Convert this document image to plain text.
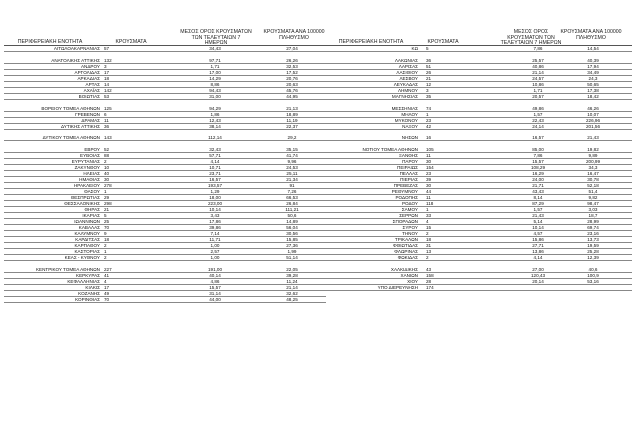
ΠΕΡΙΦΕΡΕΙΑΚΗ ΕΝΟΤΗΤΑ	ΚΡΟΥΣΜΑΤΑ
ΜΕΣΟΣ ΟΡΟΣ ΚΡΟΥΣΜΑΤΩΝ ΤΩΝ ΤΕΛΕΥΤΑΙΩΝ 7 ΗΜΕΡΩΝ
ΚΡΟΥΣΜΑΤΑ ΑΝΑ 100000 ΠΛΗΘΥΣΜΟ
ΠΕΡΙΦΕΡΕΙΑΚΗ ΕΝΟΤΗΤΑ	ΚΡΟΥΣΜΑΤΑ
ΜΕΣΟΣ ΟΡΟΣ ΚΡΟΥΣΜΑΤΩΝ ΤΩΝ ΤΕΛΕΥΤΑΙΩΝ 7 ΗΜΕΡΩΝ
ΚΡΟΥΣΜΑΤΑ ΑΝΑ 100000 ΠΛΗΘΥΣΜΟ
ΑΙΤΩΛΟΑΚΑΡΝΑΝΙΑΣ 57	34,43	27,04
ΑΝΑΤΟΛΙΚΗΣ ΑΤΤΙΚΗΣ 132	97,71	26,26
ΑΝΔΡΟΥ 3	1,71	32,53
ΑΡΓΟΛΙΔΑΣ 17	17,00	17,52
ΑΡΚΑΔΙΑΣ 18	14,29	20,76
ΑΡΤΑΣ 14	8,86	20,63
ΑΧΑΪΑΣ 142	94,43	45,76
ΒΟΙΩΤΙΑΣ 53	31,00	44,95
ΒΟΡΕΙΟΥ ΤΟΜΕΑ ΑΘΗΝΩΝ 125	94,29	21,13
ΓΡΕΒΕΝΩΝ 6	1,86	18,89
ΔΡΑΜΑΣ 11	12,43	11,19
ΔΥΤΙΚΗΣ ΑΤΤΙΚΗΣ 36	38,14	22,37
ΔΥΤΙΚΟΥ ΤΟΜΕΑ ΑΘΗΝΩΝ 143	112,14	29,2
ΕΒΡΟΥ 52	32,43	35,15
ΕΥΒΟΙΑΣ 88	57,71	41,74
ΕΥΡΥΤΑΝΙΑΣ 2	4,14	9,96
ΖΑΚΥΝΘΟΥ 10	10,71	24,53
ΗΛΕΙΑΣ 40	23,71	25,11
ΗΜΑΘΙΑΣ 30	16,57	21,34
ΗΡΑΚΛΕΙΟΥ 278	193,57	91
ΘΑΣΟΥ 1	1,29	7,26
ΘΕΣΠΡΩΤΙΑΣ 29	18,00	66,53
ΘΕΣΣΑΛΟΝΙΚΗΣ 298	223,00	26,84
ΘΗΡΑΣ 21	10,14	111,21
ΙΚΑΡΙΑΣ 5	3,43	50,6
ΙΩΑΝΝΙΝΩΝ 25	17,86	14,89
ΚΑΒΑΛΑΣ 70	39,86	56,04
ΚΑΛΥΜΝΟΥ 9	7,14	30,56
ΚΑΡΔΙΤΣΑΣ 18	11,71	15,85
ΚΑΡΠΑΘΟΥ 2	1,00	27,36
ΚΑΣΤΟΡΙΑΣ 1	2,57	1,99
ΚΕΑΣ - ΚΥΘΝΟΥ 2	1,00	51,14
ΚΕΝΤΡΙΚΟΥ ΤΟΜΕΑ ΑΘΗΝΩΝ 227	191,00	22,05
ΚΕΡΚΥΡΑΣ 41	40,14	39,28
ΚΕΦΑΛΛΗΝΙΑΣ 4	4,86	11,24
ΚΙΛΚΙΣ 17	15,57	21,14
ΚΟΖΑΝΗΣ 49	31,14	32,62
ΚΟΡΙΝΘΙΑΣ 70	44,00	48,25
ΚΩ 5	7,86	14,54
ΛΑΚΩΝΙΑΣ 36	25,57	40,39
ΛΑΡΙΣΑΣ 51	40,86	17,94
ΛΑΣΙΘΙΟΥ 26	21,14	34,49
ΛΕΣΒΟΥ 21	24,57	24,3
ΛΕΥΚΑΔΑΣ 12	10,86	50,65
ΛΗΜΝΟΥ 3	1,71	17,38
ΜΑΓΝΗΣΙΑΣ 35	20,57	18,42
ΜΕΣΣΗΝΙΑΣ 74	49,86	46,26
ΜΗΛΟΥ 1	1,57	10,07
ΜΥΚΟΝΟΥ 23	22,43	226,96
ΝΑΞΟΥ 42	24,14	201,56
ΝΗΣΩΝ 16	16,57	21,43
ΝΟΤΙΟΥ ΤΟΜΕΑ ΑΘΗΝΩΝ 105	85,00	19,82
ΞΑΝΘΗΣ 11	7,86	9,89
ΠΑΡΟΥ 30	15,57	200,99
ΠΕΙΡΑΙΩΣ 154	108,29	34,3
ΠΕΛΛΑΣ 23	16,29	16,47
ΠΙΕΡΙΑΣ 39	24,00	30,78
ΠΡΕΒΕΖΑΣ 30	21,71	52,18
ΡΕΘΥΜΝΟΥ 44	43,43	51,4
ΡΟΔΟΠΗΣ 11	8,14	9,82
ΡΟΔΟΥ 118	87,29	98,47
ΣΑΜΟΥ 1	1,57	3,03
ΣΕΡΡΩΝ 33	21,43	18,7
ΣΠΟΡΑΔΩΝ 4	5,14	28,99
ΣΥΡΟΥ 15	10,14	69,74
ΤΗΝΟΥ 2	4,57	23,16
ΤΡΙΚΑΛΩΝ 18	15,86	13,73
ΦΘΙΩΤΙΔΑΣ 31	27,71	19,59
ΦΛΩΡΙΝΑΣ 13	13,86	25,28
ΦΩΚΙΔΑΣ 2	4,14	12,39
ΧΑΛΚΙΔΙΚΗΣ 43	27,00	40,6
ΧΑΝΙΩΝ 158	120,43	100,9
ΧΙΟΥ 28	20,14	53,16
ΥΠΟ ΔΙΕΡΕΥΝΗΣΗ 174
